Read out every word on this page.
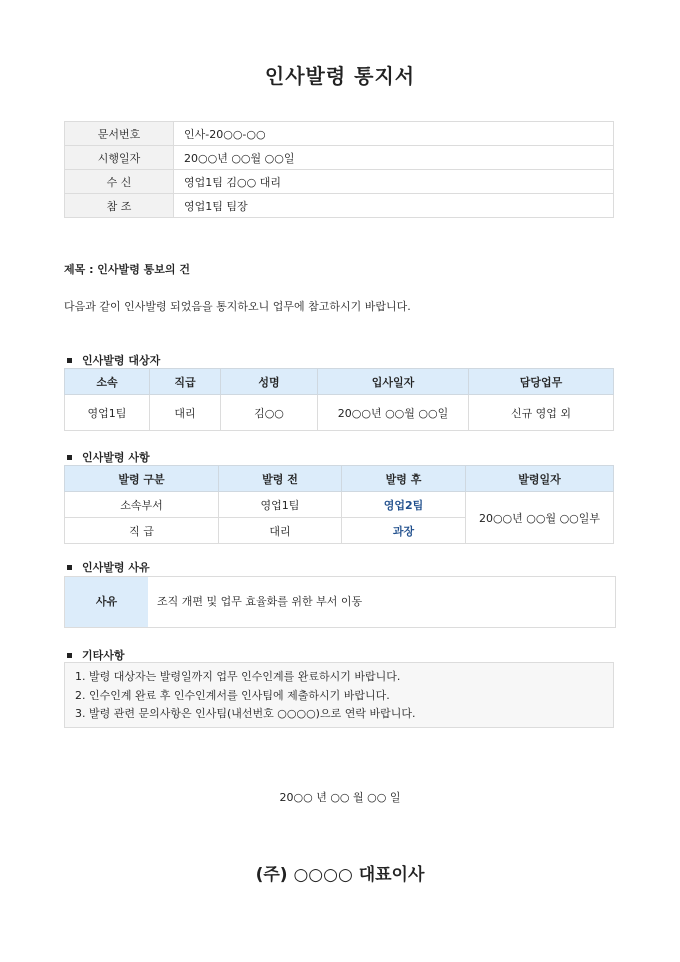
인사발령 통지서
문서번호	인사-20○○-○○
시행일자	20○○년 ○○월 ○○일
수 신	영업1팀 김○○ 대리
참 조	영업1팀 팀장
제목 : 인사발령 통보의 건
다음과 같이 인사발령 되었음을 통지하오니 업무에 참고하시기 바랍니다.
인사발령 대상자
소속	직급	성명	입사일자	담당업무
영업1팀	대리	김○○	20○○년 ○○월 ○○일	신규 영업 외
인사발령 사항
발령 구분	발령 전	발령 후	발령일자
소속부서	영업1팀	영업2팀	20○○년 ○○월 ○○일부
직 급	대리	과장	
인사발령 사유
사유	조직 개편 및 업무 효율화를 위한 부서 이동
기타사항
1. 발령 대상자는 발령일까지 업무 인수인계를 완료하시기 바랍니다.
2. 인수인계 완료 후 인수인계서를 인사팀에 제출하시기 바랍니다.
3. 발령 관련 문의사항은 인사팀(내선번호 ○○○○)으로 연락 바랍니다.
20○○ 년 ○○ 월 ○○ 일
(주) ○○○○ 대표이사
